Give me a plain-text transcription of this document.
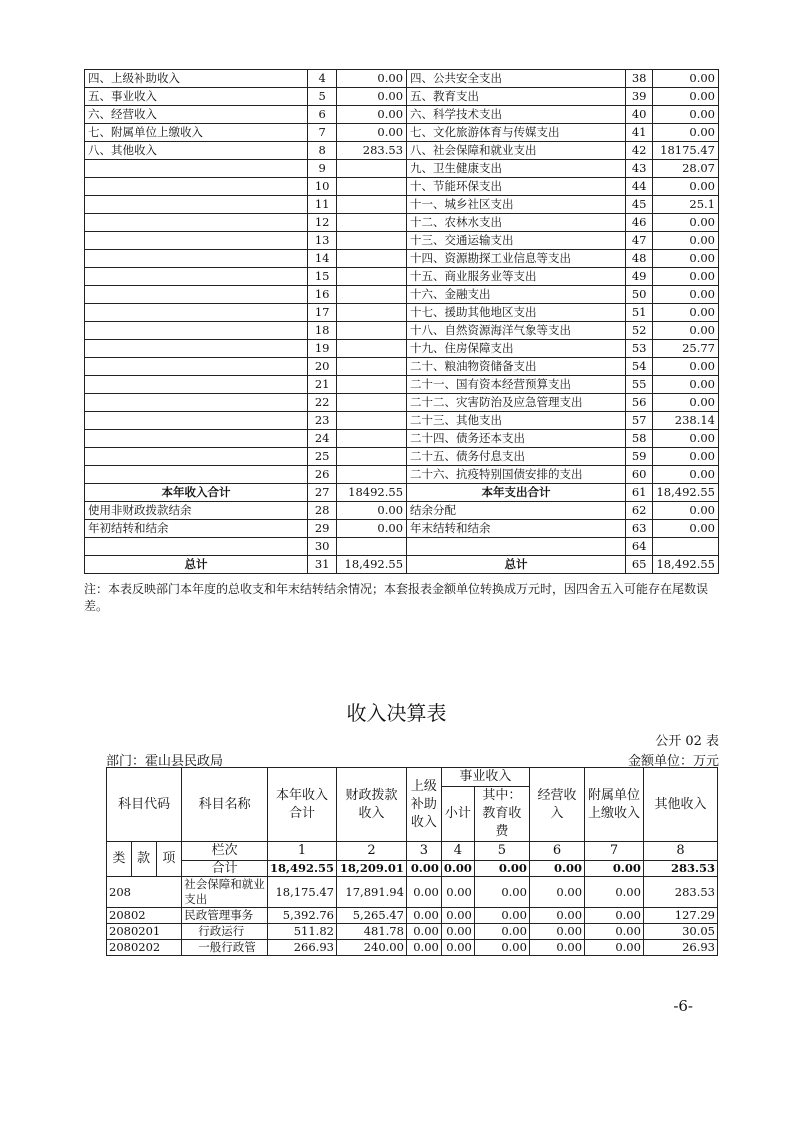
四、上级补助收入	4	0.00	四、公共安全支出	38	0.00
五、事业收入	5	0.00	五、教育支出	39	0.00
六、经营收入	6	0.00	六、科学技术支出	40	0.00
七、附属单位上缴收入	7	0.00	七、文化旅游体育与传媒支出	41	0.00
八、其他收入	8	283.53	八、社会保障和就业支出	42	18175.47
	9		九、卫生健康支出	43	28.07
	10		十、节能环保支出	44	0.00
	11		十一、城乡社区支出	45	25.1
	12		十二、农林水支出	46	0.00
	13		十三、交通运输支出	47	0.00
	14		十四、资源勘探工业信息等支出	48	0.00
	15		十五、商业服务业等支出	49	0.00
	16		十六、金融支出	50	0.00
	17		十七、援助其他地区支出	51	0.00
	18		十八、自然资源海洋气象等支出	52	0.00
	19		十九、住房保障支出	53	25.77
	20		二十、粮油物资储备支出	54	0.00
	21		二十一、国有资本经营预算支出	55	0.00
	22		二十二、灾害防治及应急管理支出	56	0.00
	23		二十三、其他支出	57	238.14
	24		二十四、债务还本支出	58	0.00
	25		二十五、债务付息支出	59	0.00
	26		二十六、抗疫特别国债安排的支出	60	0.00
本年收入合计	27	18492.55	本年支出合计	61	18,492.55
使用非财政拨款结余	28	0.00	结余分配	62	0.00
年初结转和结余	29	0.00	年末结转和结余	63	0.00
	30			64	
总计	31	18,492.55	总计	65	18,492.55
注：本表反映部门本年度的总收支和年末结转结余情况；本套报表金额单位转换成万元时，因四舍五入可能存在尾数误差。
收入决算表
公开 02 表
部门：霍山县民政局	金额单位：万元
科目代码			科目名称	本年收入合计	财政拨款收入	上级补助收入	事业收入		经营收入	附属单位上缴收入	其他收入
							小计	其中：教育收费			

类	款	项	栏次	1	2	3	4	5	6	7	8
			合计	18,492.55	18,209.01	0.00	0.00	0.00	0.00	0.00	283.53
208			社会保障和就业支出	18,175.47	17,891.94	0.00	0.00	0.00	0.00	0.00	283.53
20802			民政管理事务	5,392.76	5,265.47	0.00	0.00	0.00	0.00	0.00	127.29
2080201			行政运行	511.82	481.78	0.00	0.00	0.00	0.00	0.00	30.05
2080202			一般行政管	266.93	240.00	0.00	0.00	0.00	0.00	0.00	26.93
-6-
